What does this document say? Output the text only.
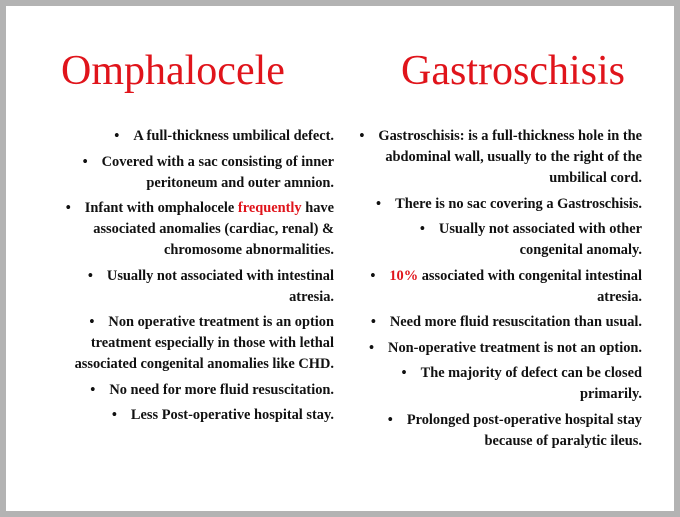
Omphalocele	Gastroschisis
• A full-thickness umbilical defect.
• Covered with a sac consisting of inner peritoneum and outer amnion.
• Infant with omphalocele frequently have associated anomalies (cardiac, renal) & chromosome abnormalities.
• Usually not associated with intestinal atresia.
• Non operative treatment is an option treatment especially in those with lethal associated congenital anomalies like CHD.
• No need for more fluid resuscitation.
• Less Post-operative hospital stay.
• Gastroschisis: is a full-thickness hole in the abdominal wall, usually to the right of the umbilical cord.
• There is no sac covering a Gastroschisis.
• Usually not associated with other congenital anomaly.
• 10% associated with congenital intestinal atresia.
• Need more fluid resuscitation than usual.
• Non-operative treatment is not an option.
• The majority of defect can be closed primarily.
• Prolonged post-operative hospital stay because of paralytic ileus.
